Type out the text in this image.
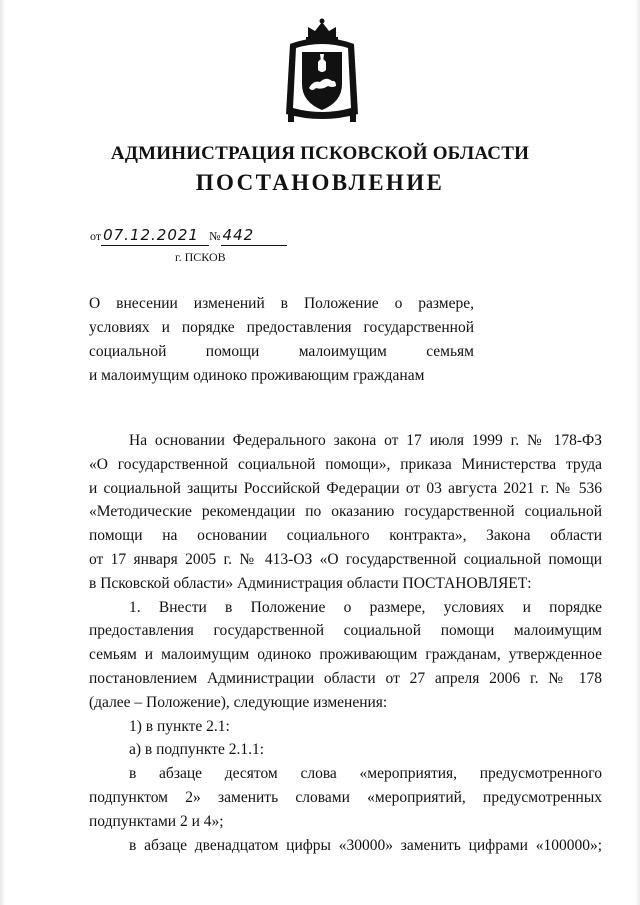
АДМИНИСТРАЦИЯ ПСКОВСКОЙ ОБЛАСТИ
ПОСТАНОВЛЕНИЕ
от 07.12.2021 № 442
г. ПСКОВ
О внесении изменений в Положение о размере,
условиях и порядке предоставления государственной
социальной помощи малоимущим семьям
и малоимущим одиноко проживающим гражданам
На основании Федерального закона от 17 июля 1999 г. № 178-ФЗ
«О государственной социальной помощи», приказа Министерства труда
и социальной защиты Российской Федерации от 03 августа 2021 г. № 536
«Методические рекомендации по оказанию государственной социальной
помощи на основании социального контракта», Закона области
от 17 января 2005 г. № 413-ОЗ «О государственной социальной помощи
в Псковской области» Администрация области ПОСТАНОВЛЯЕТ:
1. Внести в Положение о размере, условиях и порядке
предоставления государственной социальной помощи малоимущим
семьям и малоимущим одиноко проживающим гражданам, утвержденное
постановлением Администрации области от 27 апреля 2006 г. № 178
(далее – Положение), следующие изменения:
1) в пункте 2.1:
а) в подпункте 2.1.1:
в абзаце десятом слова «мероприятия, предусмотренного
подпунктом 2» заменить словами «мероприятий, предусмотренных
подпунктами 2 и 4»;
в абзаце двенадцатом цифры «30000» заменить цифрами «100000»;
